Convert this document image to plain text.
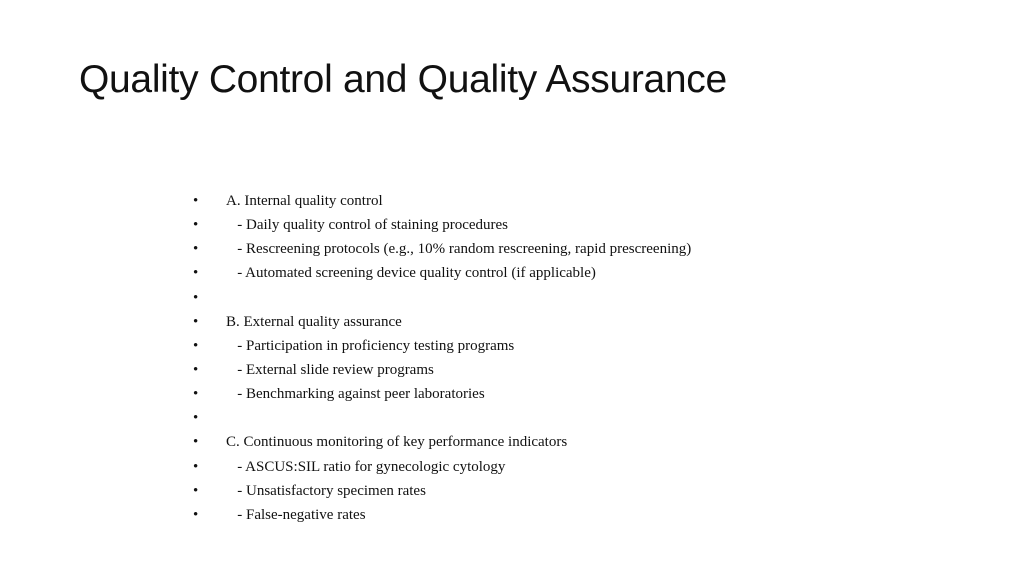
Quality Control and Quality Assurance
•	A. Internal quality control
•	- Daily quality control of staining procedures
•	- Rescreening protocols (e.g., 10% random rescreening, rapid prescreening)
•	- Automated screening device quality control (if applicable)
•
•	B. External quality assurance
•	- Participation in proficiency testing programs
•	- External slide review programs
•	- Benchmarking against peer laboratories
•
•	C. Continuous monitoring of key performance indicators
•	- ASCUS:SIL ratio for gynecologic cytology
•	- Unsatisfactory specimen rates
•	- False-negative rates
